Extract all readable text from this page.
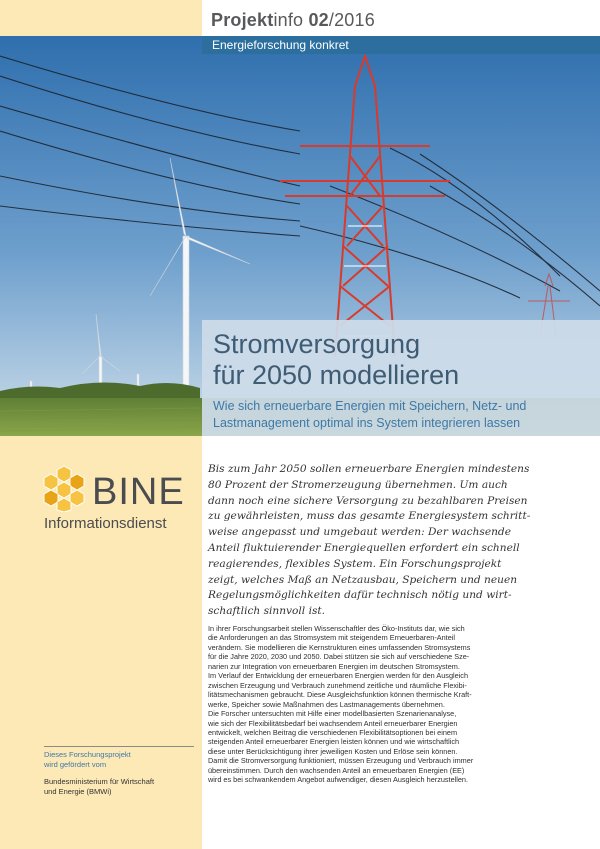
Projektinfo 02/2016
Energieforschung konkret
Stromversorgung
für 2050 modellieren
Wie sich erneuerbare Energien mit Speichern, Netz- und
Lastmanagement optimal ins System integrieren lassen
BINE
Informationsdienst
Dieses Forschungsprojekt
wird gefördert vom
Bundesministerium für Wirtschaft
und Energie (BMWi)

Bis zum Jahr 2050 sollen erneuerbare Energien mindestens

80 Prozent der Stromerzeugung übernehmen. Um auch

dann noch eine sichere Versorgung zu bezahlbaren Preisen

zu gewährleisten, muss das gesamte Energiesystem schritt-

weise angepasst und umgebaut werden: Der wachsende

Anteil fluktuierender Energiequellen erfordert ein schnell

reagierendes, flexibles System. Ein Forschungsprojekt

zeigt, welches Maß an Netzausbau, Speichern und neuen

Regelungsmöglichkeiten dafür technisch nötig und wirt-

schaftlich sinnvoll ist.

In ihrer Forschungsarbeit stellen Wissenschaftler des Öko-Instituts dar, wie sich

die Anforderungen an das Stromsystem mit steigendem Erneuerbaren-Anteil

verändern. Sie modellieren die Kernstrukturen eines umfassenden Stromsystems

für die Jahre 2020, 2030 und 2050. Dabei stützen sie sich auf verschiedene Sze-

narien zur Integration von erneuerbaren Energien im deutschen Stromsystem.

Im Verlauf der Entwicklung der erneuerbaren Energien werden für den Ausgleich

zwischen Erzeugung und Verbrauch zunehmend zeitliche und räumliche Flexibi-

litätsmechanismen gebraucht. Diese Ausgleichsfunktion können thermische Kraft-

werke, Speicher sowie Maßnahmen des Lastmanagements übernehmen.

Die Forscher untersuchten mit Hilfe einer modellbasierten Szenarienanalyse,

wie sich der Flexibilitätsbedarf bei wachsendem Anteil erneuerbarer Energien

entwickelt, welchen Beitrag die verschiedenen Flexibilitätsoptionen bei einem

steigenden Anteil erneuerbarer Energien leisten können und wie wirtschaftlich

diese unter Berücksichtigung ihrer jeweiligen Kosten und Erlöse sein können.

Damit die Stromversorgung funktioniert, müssen Erzeugung und Verbrauch immer

übereinstimmen. Durch den wachsenden Anteil an erneuerbaren Energien (EE)

wird es bei schwankendem Angebot aufwendiger, diesen Ausgleich herzustellen.
